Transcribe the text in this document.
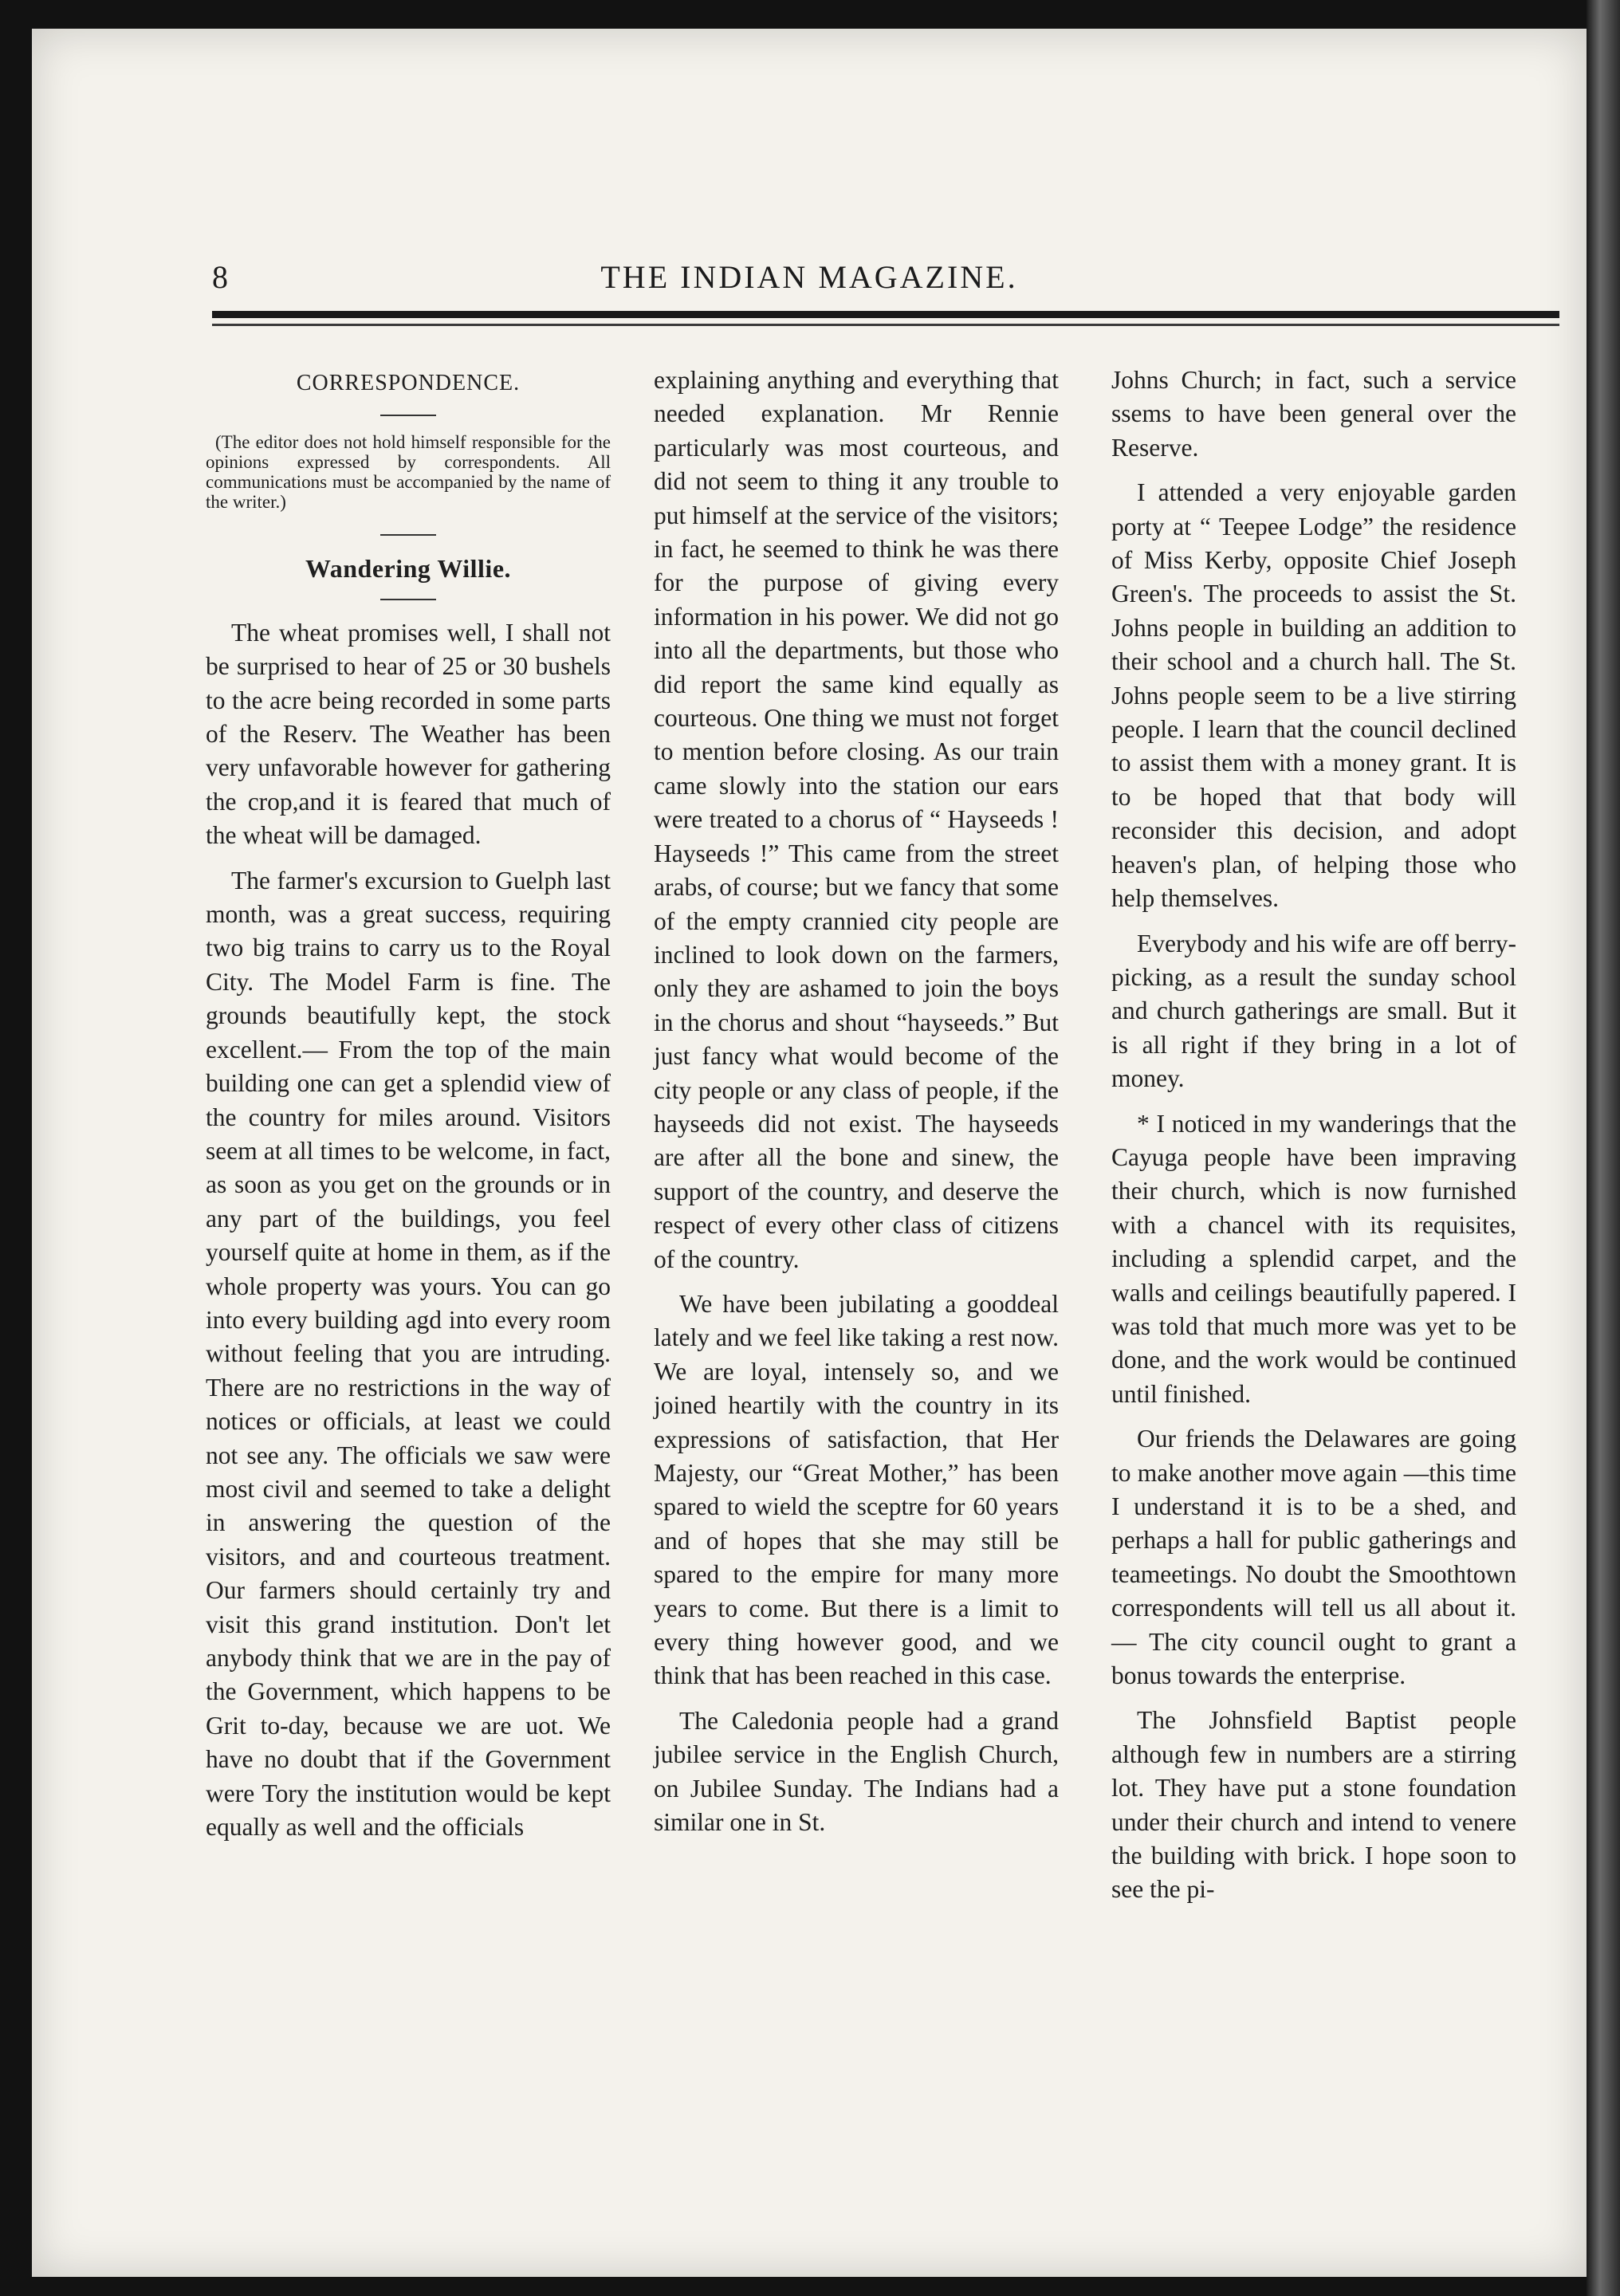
8	THE INDIAN MAGAZINE.
CORRESPONDENCE.
(The editor does not hold himself responsible for the opinions expressed by correspondents. All communications must be accompanied by the name of the writer.)
Wandering Willie.

The wheat promises well, I shall not be surprised to hear of 25 or 30 bushels to the acre being recorded in some parts of the Reserv. The Weather has been very unfavorable however for gathering the crop,and it is feared that much of the wheat will be damaged.

The farmer's excursion to Guelph last month, was a great success, requiring two big trains to carry us to the Royal City. The Model Farm is fine. The grounds beautifully kept, the stock excellent.— From the top of the main building one can get a splendid view of the country for miles around. Visitors seem at all times to be welcome, in fact, as soon as you get on the grounds or in any part of the buildings, you feel yourself quite at home in them, as if the whole property was yours. You can go into every building agd into every room without feeling that you are intruding. There are no restrictions in the way of notices or officials, at least we could not see any. The officials we saw were most civil and seemed to take a delight in answering the question of the visitors, and and courteous treatment. Our farmers should certainly try and visit this grand institution. Don't let anybody think that we are in the pay of the Government, which happens to be Grit to-day, because we are uot. We have no doubt that if the Government were Tory the institution would be kept equally as well and the officials

explaining anything and everything that needed explanation. Mr Rennie particularly was most courteous, and did not seem to thing it any trouble to put himself at the service of the visitors; in fact, he seemed to think he was there for the purpose of giving every information in his power. We did not go into all the departments, but those who did report the same kind equally as courteous. One thing we must not forget to mention before closing. As our train came slowly into the station our ears were treated to a chorus of “ Hayseeds ! Hayseeds !” This came from the street arabs, of course; but we fancy that some of the empty crannied city people are inclined to look down on the farmers, only they are ashamed to join the boys in the chorus and shout “hayseeds.” But just fancy what would become of the city people or any class of people, if the hayseeds did not exist. The hayseeds are after all the bone and sinew, the support of the country, and deserve the respect of every other class of citizens of the country.

We have been jubilating a gooddeal lately and we feel like taking a rest now. We are loyal, intensely so, and we joined heartily with the country in its expressions of satisfaction, that Her Majesty, our “Great Mother,” has been spared to wield the sceptre for 60 years and of hopes that she may still be spared to the empire for many more years to come. But there is a limit to every thing however good, and we think that has been reached in this case.

The Caledonia people had a grand jubilee service in the English Church, on Jubilee Sunday. The Indians had a similar one in St.

Johns Church; in fact, such a service ssems to have been general over the Reserve.

I attended a very enjoyable garden porty at “ Teepee Lodge” the residence of Miss Kerby, opposite Chief Joseph Green's. The proceeds to assist the St. Johns people in building an addition to their school and a church hall. The St. Johns people seem to be a live stirring people. I learn that the council declined to assist them with a money grant. It is to be hoped that that body will reconsider this decision, and adopt heaven's plan, of helping those who help themselves.

Everybody and his wife are off berry-picking, as a result the sunday school and church gatherings are small. But it is all right if they bring in a lot of money.

* I noticed in my wanderings that the Cayuga people have been impraving their church, which is now furnished with a chancel with its requisites, including a splendid carpet, and the walls and ceilings beautifully papered. I was told that much more was yet to be done, and the work would be continued until finished.

Our friends the Delawares are going to make another move again —this time I understand it is to be a shed, and perhaps a hall for public gatherings and teameetings. No doubt the Smoothtown correspondents will tell us all about it.— The city council ought to grant a bonus towards the enterprise.

The Johnsfield Baptist people although few in numbers are a stirring lot. They have put a stone foundation under their church and intend to venere the building with brick. I hope soon to see the pi-
